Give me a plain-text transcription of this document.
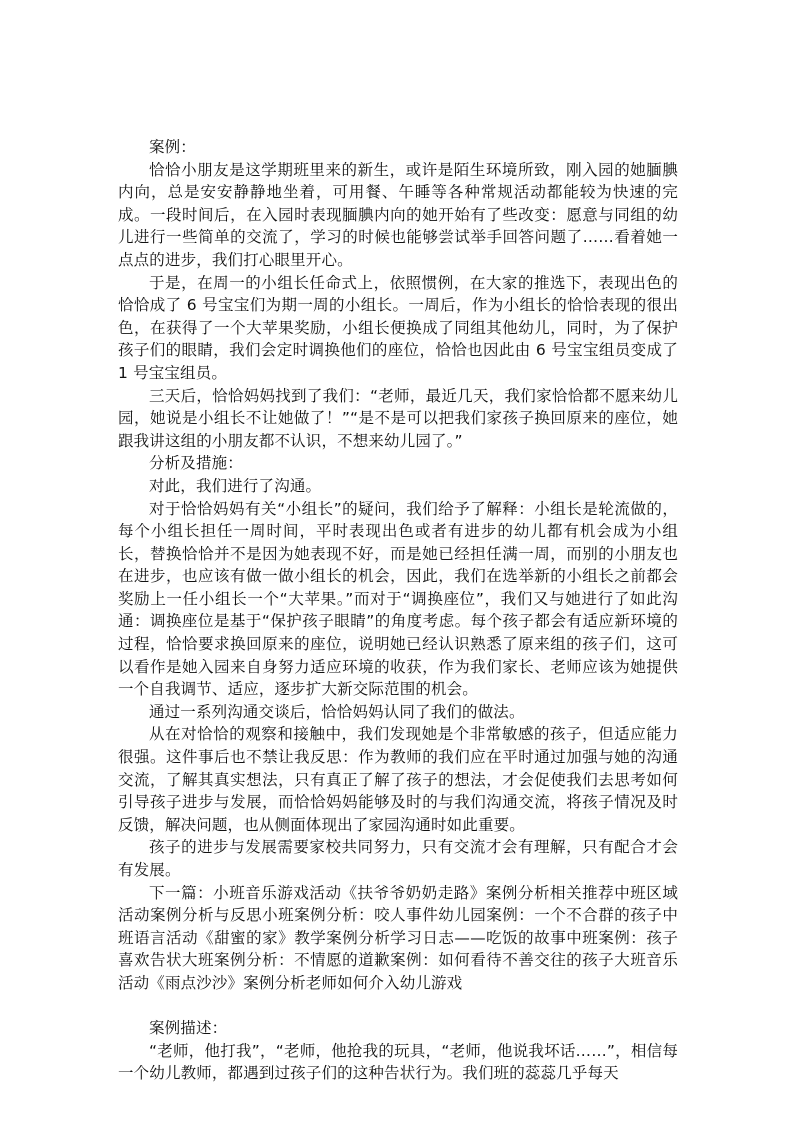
案例：

恰恰小朋友是这学期班里来的新生，或许是陌生环境所致，刚入园的她腼腆内向，总是安安静静地坐着，可用餐、午睡等各种常规活动都能较为快速的完成。一段时间后，在入园时表现腼腆内向的她开始有了些改变：愿意与同组的幼儿进行一些简单的交流了，学习的时候也能够尝试举手回答问题了……看着她一点点的进步，我们打心眼里开心。

于是，在周一的小组长任命式上，依照惯例，在大家的推选下，表现出色的恰恰成了 6 号宝宝们为期一周的小组长。一周后，作为小组长的恰恰表现的很出色，在获得了一个大苹果奖励，小组长便换成了同组其他幼儿，同时，为了保护孩子们的眼睛，我们会定时调换他们的座位，恰恰也因此由 6 号宝宝组员变成了 1 号宝宝组员。

三天后，恰恰妈妈找到了我们：“老师，最近几天，我们家恰恰都不愿来幼儿园，她说是小组长不让她做了！”“是不是可以把我们家孩子换回原来的座位，她跟我讲这组的小朋友都不认识，不想来幼儿园了。”

分析及措施：

对此，我们进行了沟通。

对于恰恰妈妈有关“小组长”的疑问，我们给予了解释：小组长是轮流做的，每个小组长担任一周时间，平时表现出色或者有进步的幼儿都有机会成为小组长，替换恰恰并不是因为她表现不好，而是她已经担任满一周，而别的小朋友也在进步，也应该有做一做小组长的机会，因此，我们在选举新的小组长之前都会奖励上一任小组长一个“大苹果。”而对于“调换座位”，我们又与她进行了如此沟通：调换座位是基于“保护孩子眼睛”的角度考虑。每个孩子都会有适应新环境的过程，恰恰要求换回原来的座位，说明她已经认识熟悉了原来组的孩子们，这可以看作是她入园来自身努力适应环境的收获，作为我们家长、老师应该为她提供一个自我调节、适应，逐步扩大新交际范围的机会。

通过一系列沟通交谈后，恰恰妈妈认同了我们的做法。

从在对恰恰的观察和接触中，我们发现她是个非常敏感的孩子，但适应能力很强。这件事后也不禁让我反思：作为教师的我们应在平时通过加强与她的沟通交流，了解其真实想法，只有真正了解了孩子的想法，才会促使我们去思考如何引导孩子进步与发展，而恰恰妈妈能够及时的与我们沟通交流，将孩子情况及时反馈，解决问题，也从侧面体现出了家园沟通时如此重要。

孩子的进步与发展需要家校共同努力，只有交流才会有理解，只有配合才会有发展。

下一篇：小班音乐游戏活动《扶爷爷奶奶走路》案例分析相关推荐中班区域活动案例分析与反思小班案例分析：咬人事件幼儿园案例：一个不合群的孩子中班语言活动《甜蜜的家》教学案例分析学习日志——吃饭的故事中班案例：孩子喜欢告状大班案例分析：不情愿的道歉案例：如何看待不善交往的孩子大班音乐活动《雨点沙沙》案例分析老师如何介入幼儿游戏

案例描述：

“老师，他打我”，“老师，他抢我的玩具，“老师，他说我坏话……”，相信每一个幼儿教师，都遇到过孩子们的这种告状行为。我们班的蕊蕊几乎每天
